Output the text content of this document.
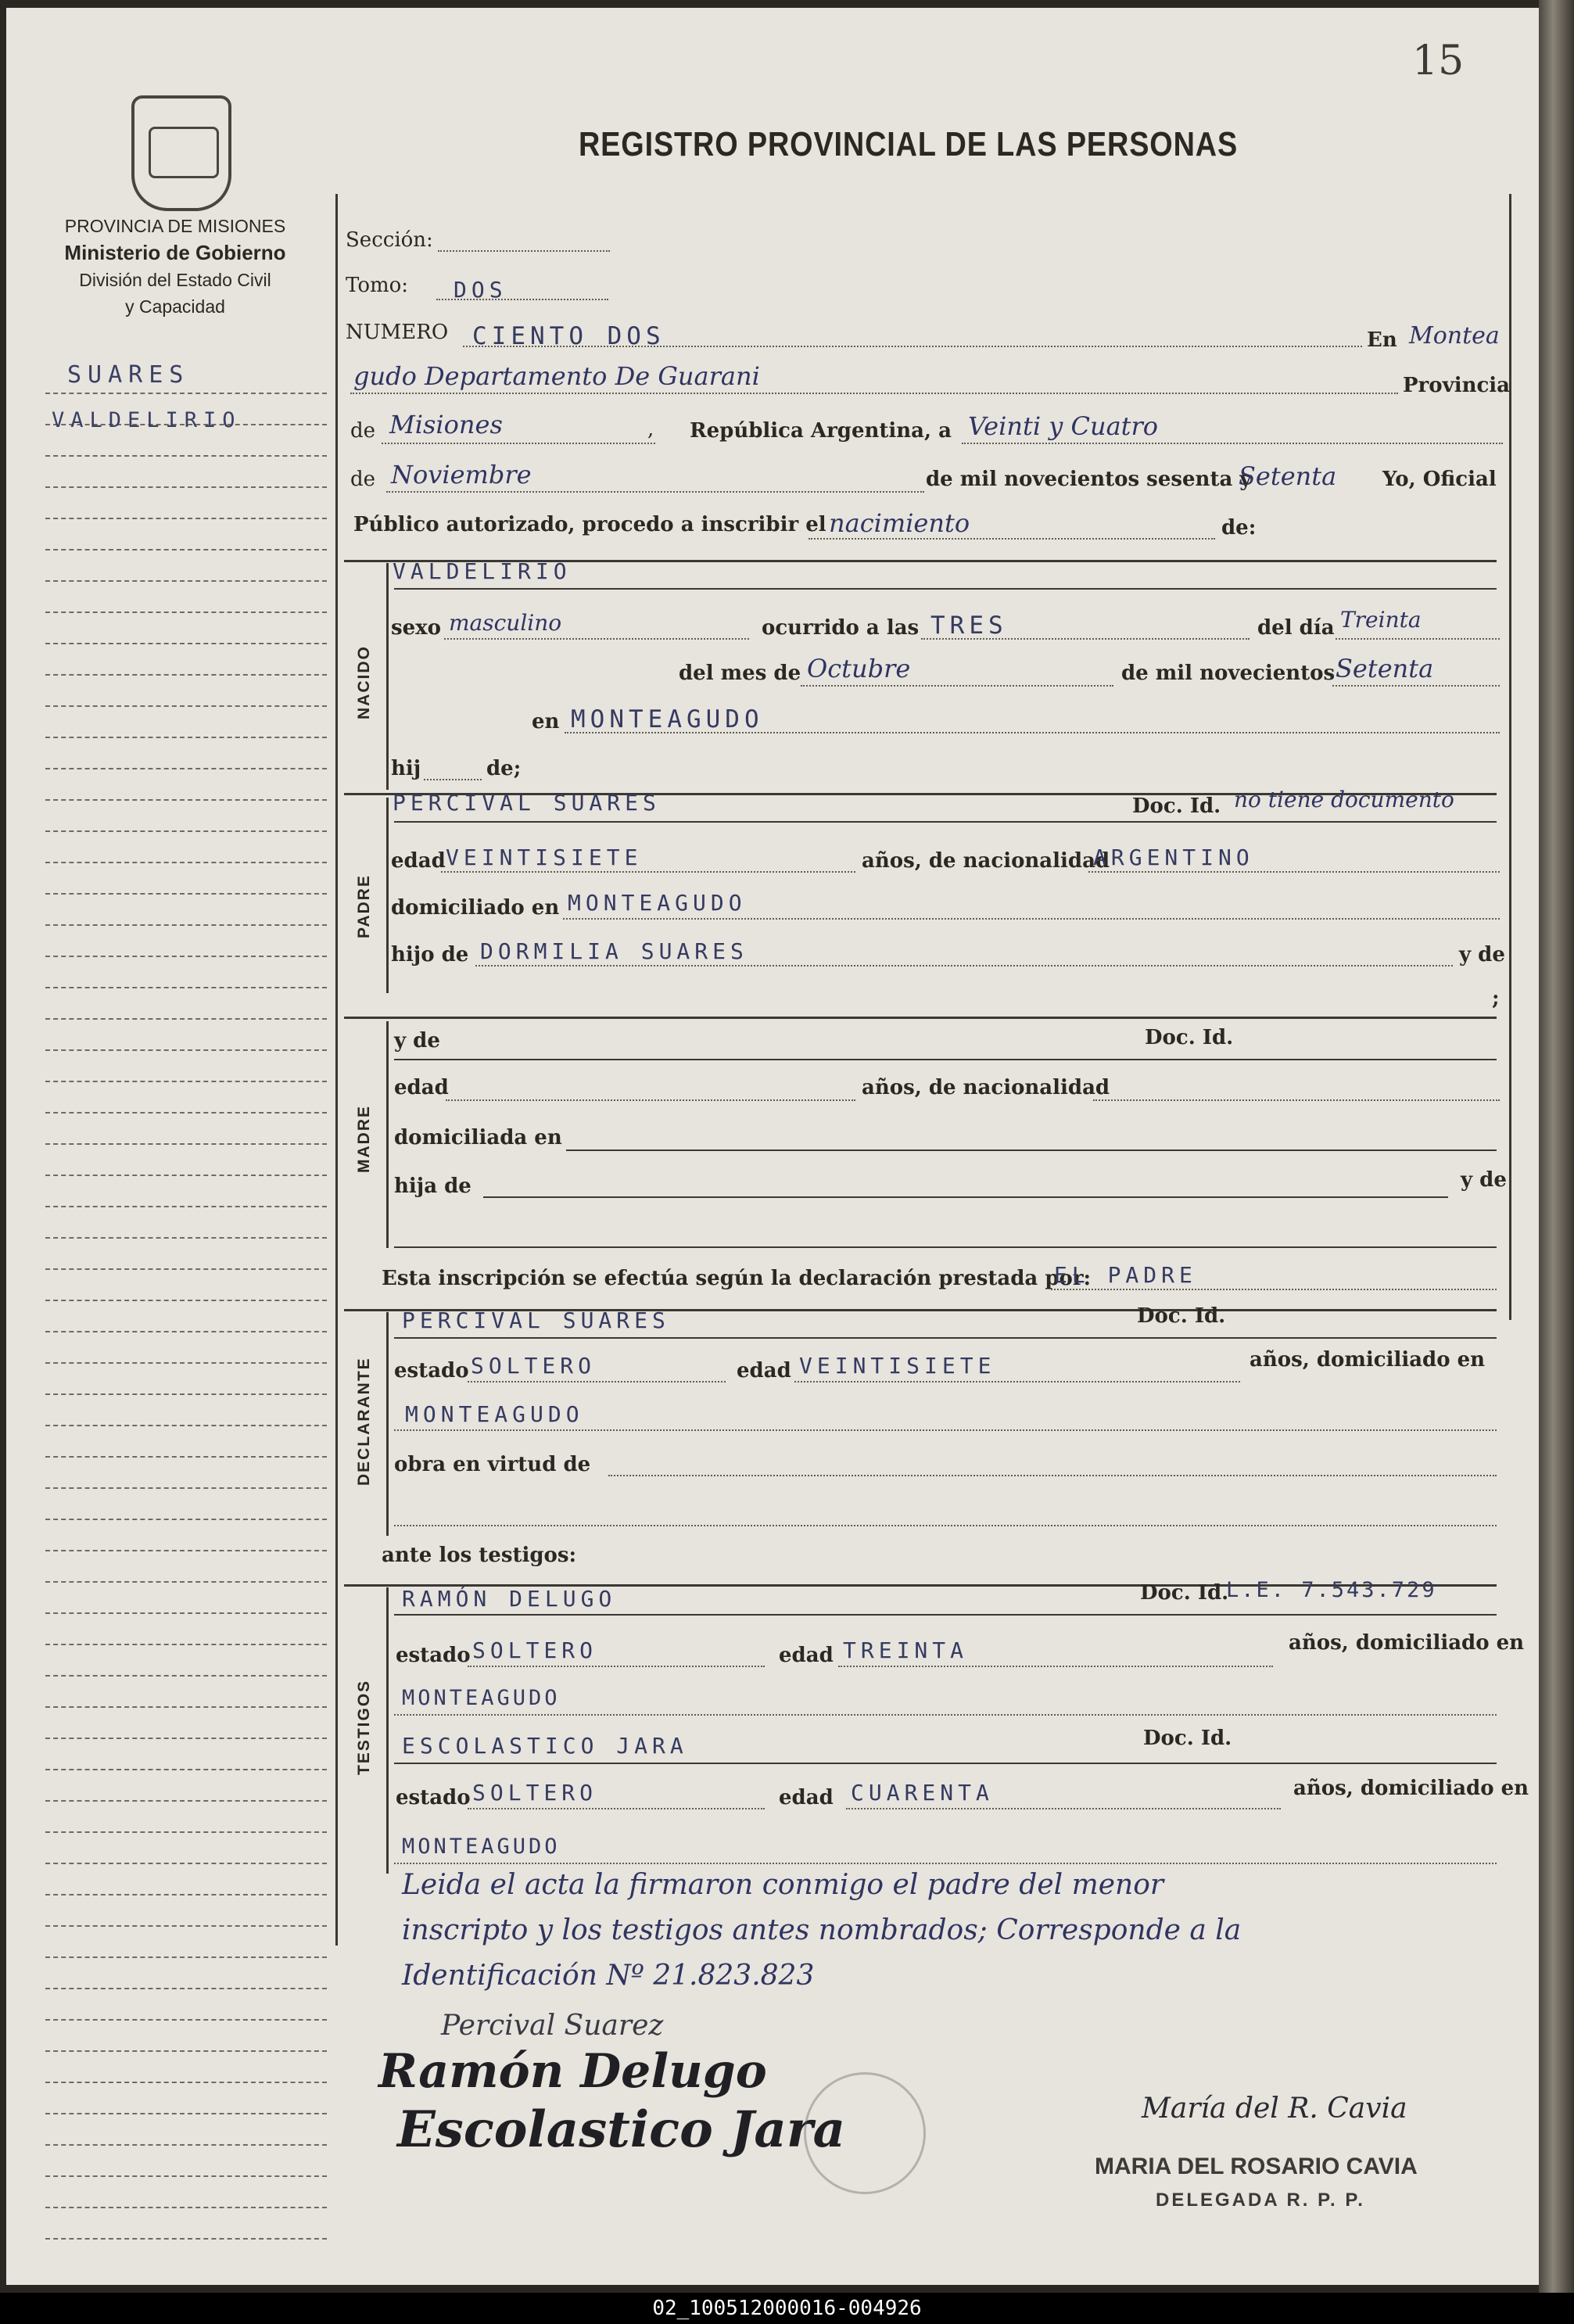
15
REGISTRO PROVINCIAL DE LAS PERSONAS
PROVINCIA DE MISIONES
Ministerio de Gobierno
División del Estado Civil
y Capacidad
SUARES
VALDELIRIO
Sección:
Tomo: DOS
NUMERO CIENTO DOS	En Montea
gudo Departamento De Guarani	Provincia
de Misiones	, República Argentina, a Veinti y Cuatro
de Noviembre	de mil novecientos sesenta y
Setenta Yo, Oficial
Público autorizado, procedo a inscribir el nacimiento	de:
NACIDO
VALDELIRIO
sexo masculino	ocurrido a las TRES	del día Treinta
del mes de Octubre	de mil novecientos Setenta
en MONTEAGUDO
hij	de;
PADRE
PERCIVAL SUARES	Doc. Id. no tiene documento
edad VEINTISIETE	años, de nacionalidad
ARGENTINO
domiciliado en MONTEAGUDO
hijo de DORMILIA SUARES	y de
;
MADRE
y de	Doc. Id.
edad	años, de nacionalidad
domiciliada en
hija de	y de
Esta inscripción se efectúa según la declaración prestada por:
EL PADRE
DECLARANTE
PERCIVAL SUARES	Doc. Id.
estado SOLTERO	edad VEINTISIETE	años, domiciliado en
MONTEAGUDO
obra en virtud de
ante los testigos:
TESTIGOS
RAMÓN DELUGO	Doc. Id.
L.E. 7.543.729
estado SOLTERO	edad TREINTA	años, domiciliado en
MONTEAGUDO
ESCOLASTICO JARA	Doc. Id.
estado SOLTERO	edad CUARENTA	años, domiciliado en
MONTEAGUDO
Leida el acta la firmaron conmigo el padre del menor
inscripto y los testigos antes nombrados; Corresponde a la
Identificación Nº 21.823.823
Percival Suarez
Ramón Delugo
Escolastico Jara	María del R. Cavia
MARIA DEL ROSARIO CAVIA
DELEGADA R. P. P.
02_100512000016-004926
